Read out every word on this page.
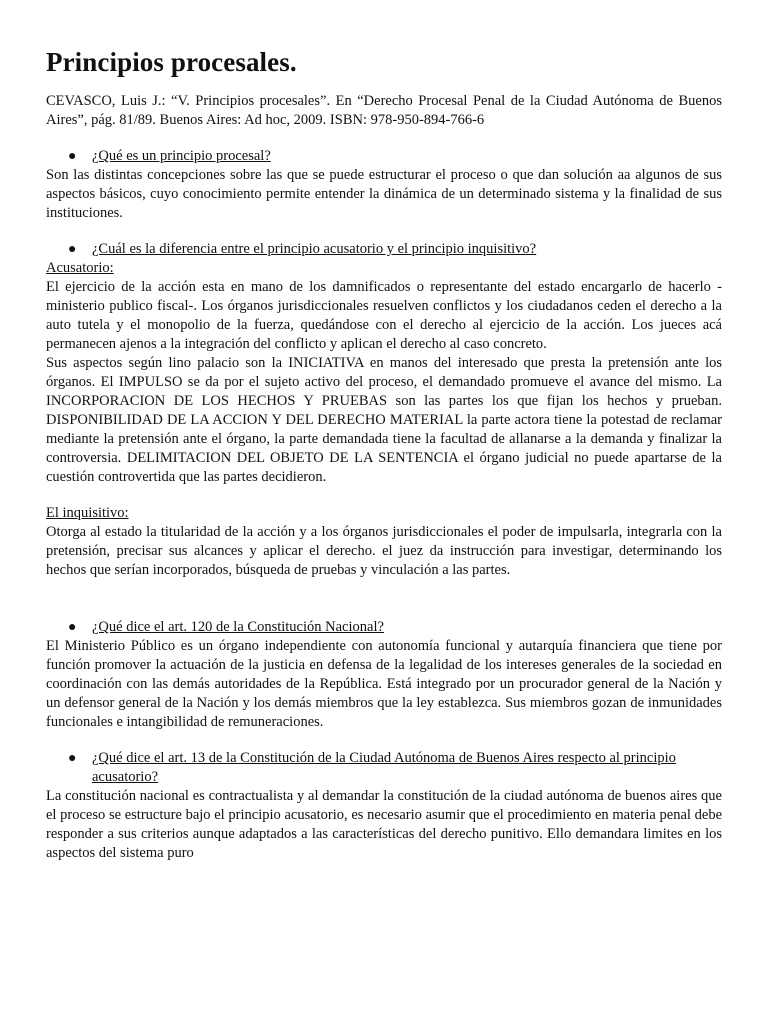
Principios procesales.

CEVASCO, Luis J.: “V. Principios procesales”. En “Derecho Procesal Penal de la Ciudad Autónoma de Buenos Aires”, pág. 81/89. Buenos Aires: Ad hoc, 2009. ISBN: 978-950-894-766-6

● ¿Qué es un principio procesal?

Son las distintas concepciones sobre las que se puede estructurar el proceso o que dan solución aa algunos de sus aspectos básicos, cuyo conocimiento permite entender la dinámica de un determinado sistema y la finalidad de sus instituciones.

● ¿Cuál es la diferencia entre el principio acusatorio y el principio inquisitivo?
Acusatorio:

El ejercicio de la acción esta en mano de los damnificados o representante del estado encargarlo de hacerlo -ministerio publico fiscal-. Los órganos jurisdiccionales resuelven conflictos y los ciudadanos ceden el derecho a la auto tutela y el monopolio de la fuerza, quedándose con el derecho al ejercicio de la acción. Los jueces acá permanecen ajenos a la integración del conflicto y aplican el derecho al caso concreto.

Sus aspectos según lino palacio son la INICIATIVA en manos del interesado que presta la pretensión ante los órganos. El IMPULSO se da por el sujeto activo del proceso, el demandado promueve el avance del mismo. La INCORPORACION DE LOS HECHOS Y PRUEBAS son las partes los que fijan los hechos y prueban. DISPONIBILIDAD DE LA ACCION Y DEL DERECHO MATERIAL la parte actora tiene la potestad de reclamar mediante la pretensión ante el órgano, la parte demandada tiene la facultad de allanarse a la demanda y finalizar la controversia. DELIMITACION DEL OBJETO DE LA SENTENCIA el órgano judicial no puede apartarse de la cuestión controvertida que las partes decidieron.

El inquisitivo:

Otorga al estado la titularidad de la acción y a los órganos jurisdiccionales el poder de impulsarla, integrarla con la pretensión, precisar sus alcances y aplicar el derecho. el juez da instrucción para investigar, determinando los hechos que serían incorporados, búsqueda de pruebas y vinculación a las partes.

● ¿Qué dice el art. 120 de la Constitución Nacional?

El Ministerio Público es un órgano independiente con autonomía funcional y autarquía financiera que tiene por función promover la actuación de la justicia en defensa de la legalidad de los intereses generales de la sociedad en coordinación con las demás autoridades de la República. Está integrado por un procurador general de la Nación y un defensor general de la Nación y los demás miembros que la ley establezca. Sus miembros gozan de inmunidades funcionales e intangibilidad de remuneraciones.

● ¿Qué dice el art. 13 de la Constitución de la Ciudad Autónoma de Buenos Aires respecto al principio acusatorio?

La constitución nacional es contractualista y al demandar la constitución de la ciudad autónoma de buenos aires que el proceso se estructure bajo el principio acusatorio, es necesario asumir que el procedimiento en materia penal debe responder a sus criterios aunque adaptados a las características del derecho punitivo. Ello demandara limites en los aspectos del sistema puro
